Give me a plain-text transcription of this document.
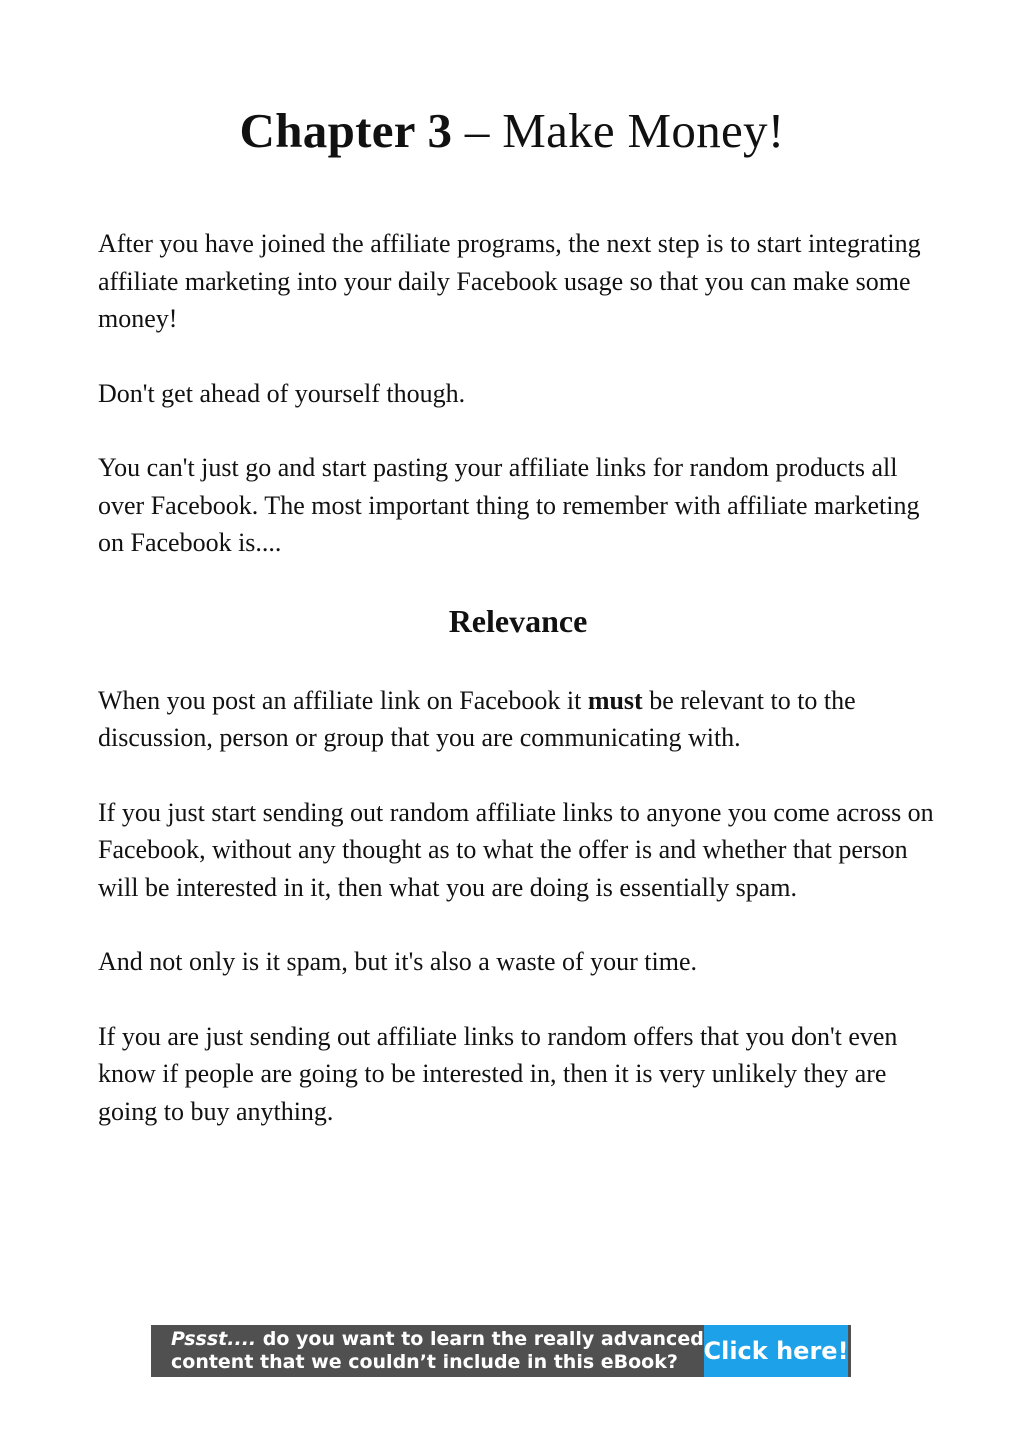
Chapter 3 – Make Money!

After you have joined the affiliate programs, the next step is to start integrating affiliate marketing into your daily Facebook usage so that you can make some money!

Don't get ahead of yourself though.

You can't just go and start pasting your affiliate links for random products all over Facebook. The most important thing to remember with affiliate marketing on Facebook is....

Relevance

When you post an affiliate link on Facebook it must be relevant to to the discussion, person or group that you are communicating with.

If you just start sending out random affiliate links to anyone you come across on Facebook, without any thought as to what the offer is and whether that person will be interested in it, then what you are doing is essentially spam.

And not only is it spam, but it's also a waste of your time.

If you are just sending out affiliate links to random offers that you don't even know if people are going to be interested in, then it is very unlikely they are going to buy anything.

Pssst.... do you want to learn the really advanced
content that we couldn’t include in this eBook?	Click here!
